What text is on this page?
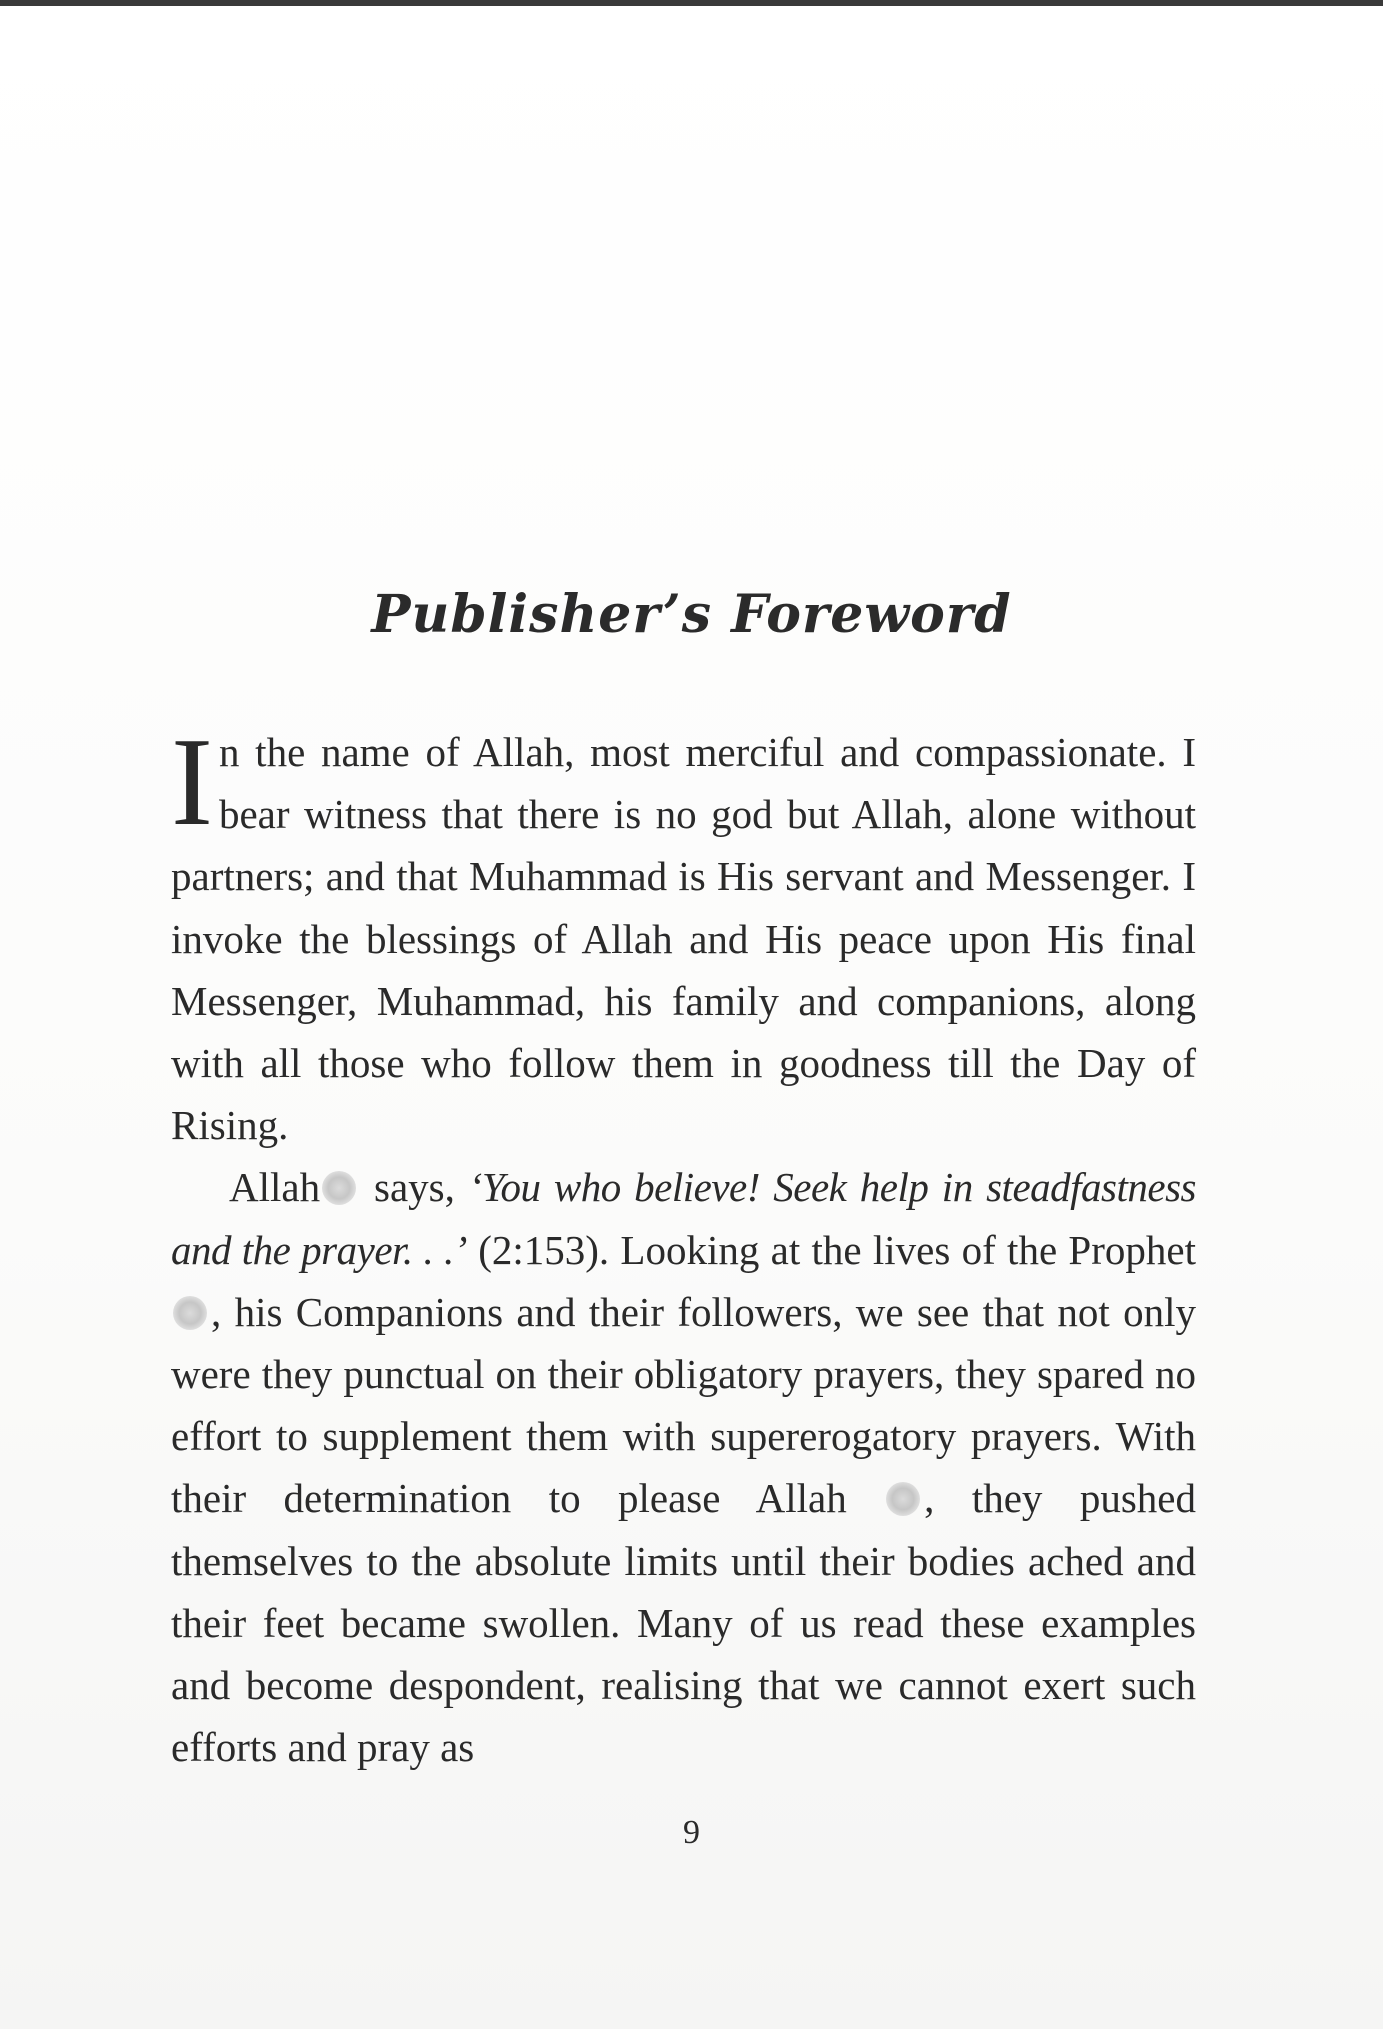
Publisher’s Foreword

In the name of Allah, most merciful and compassionate. I bear witness that there is no god but Allah, alone without partners; and that Muhammad is His servant and Messenger. I invoke the blessings of Allah and His peace upon His final Messenger, Muhammad, his family and companions, along with all those who follow them in goodness till the Day of Rising.

Allah says, ‘You who believe! Seek help in steadfastness and the prayer. . .’ (2:153). Looking at the lives of the Prophet , his Companions and their followers, we see that not only were they punctual on their obligatory prayers, they spared no effort to supplement them with supererogatory prayers. With their determination to please Allah , they pushed themselves to the absolute limits until their bodies ached and their feet became swollen. Many of us read these examples and become despondent, realising that we cannot exert such efforts and pray as

9
